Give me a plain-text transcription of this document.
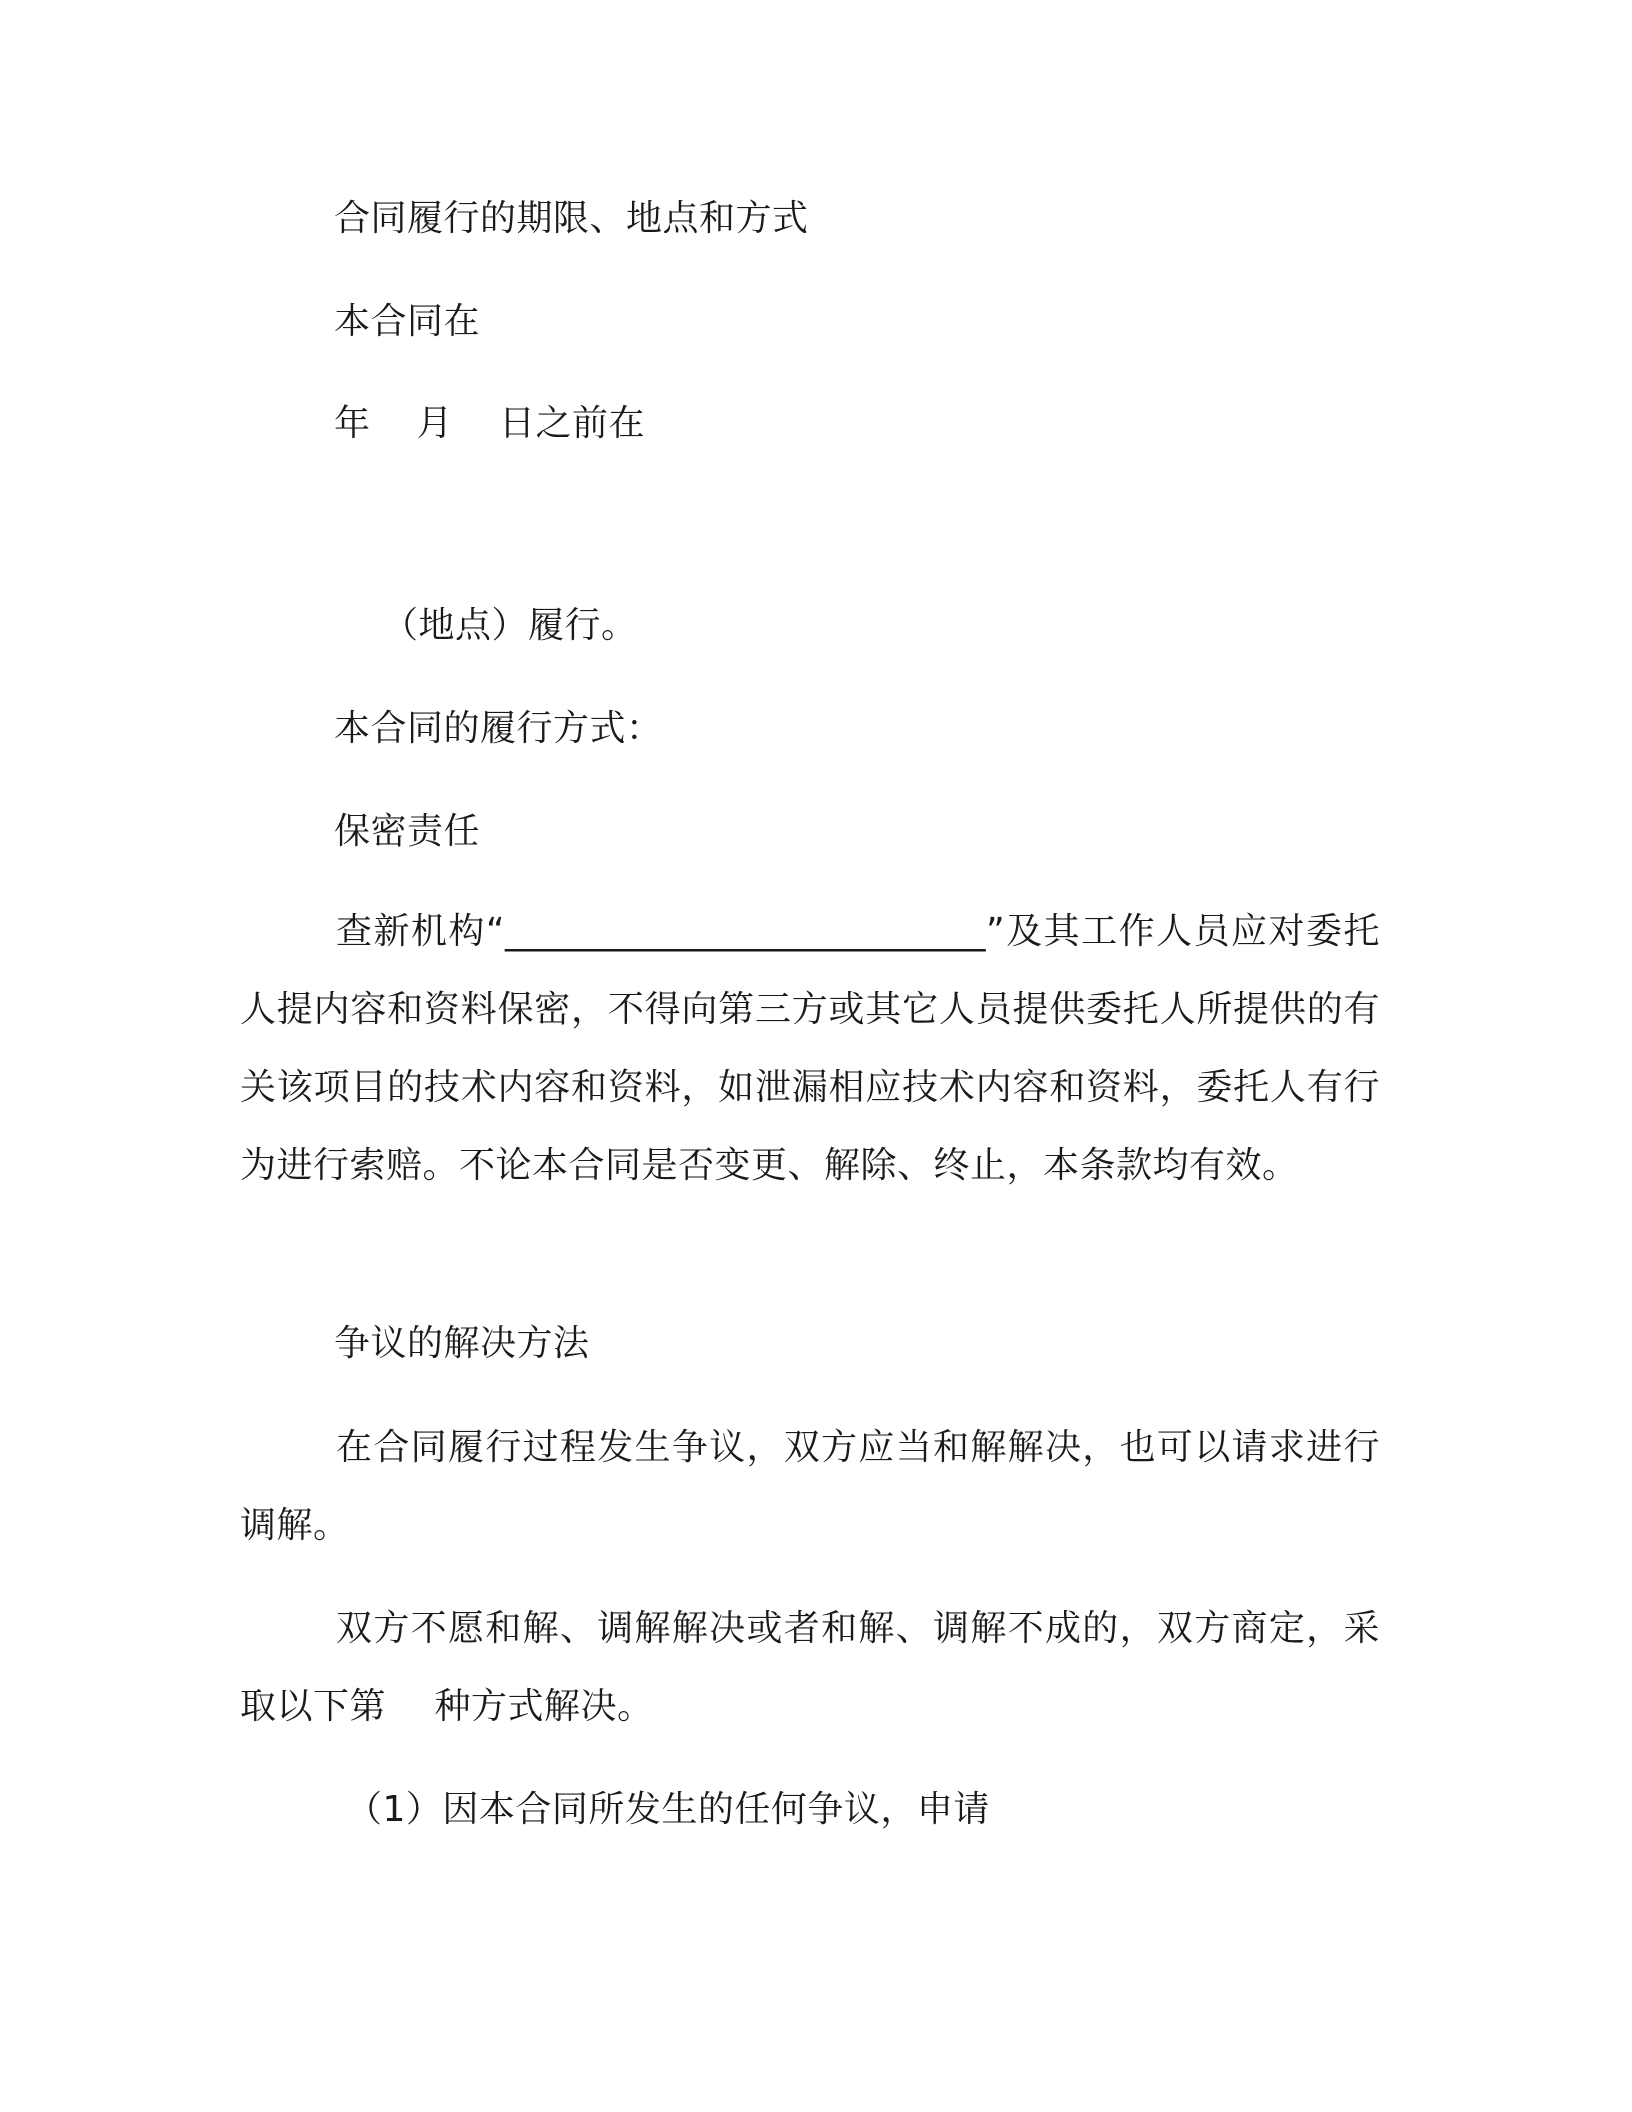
合同履行的期限、地点和方式
本合同在
年 月 日之前在
（地点）履行。
本合同的履行方式：
保密责任
查新机构“__________________________”及其工作人员应对委托人提内容和资料保密，不得向第三方或其它人员提供委托人所提供的有关该项目的技术内容和资料，如泄漏相应技术内容和资料，委托人有行为进行索赔。不论本合同是否变更、解除、终止，本条款均有效。
争议的解决方法
在合同履行过程发生争议，双方应当和解解决，也可以请求进行调解。
双方不愿和解、调解解决或者和解、调解不成的，双方商定，采取以下第　 种方式解决。
（1）因本合同所发生的任何争议，申请
